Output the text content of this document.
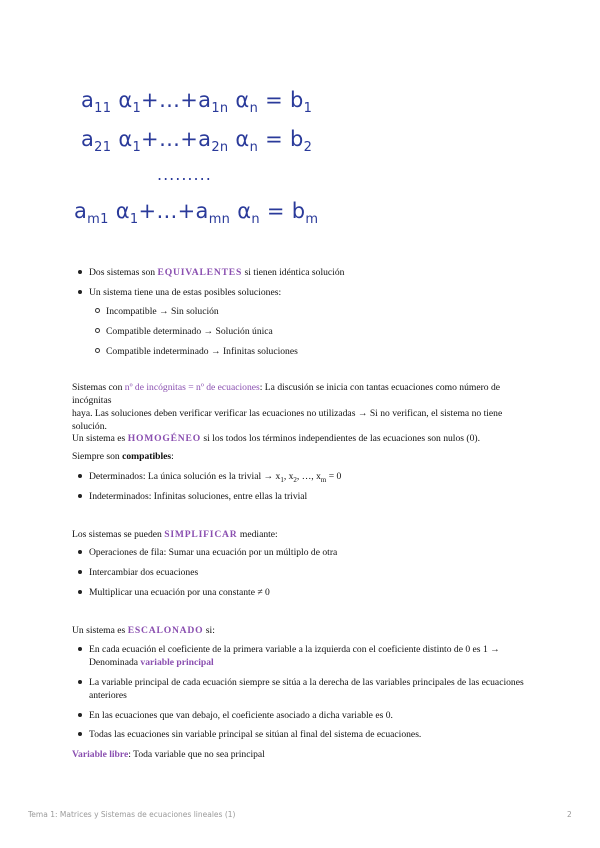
$a_{11}$ $\alpha_1+\dots+a_{1n}$ $\alpha_n = b_1$
$a_{21}$ $\alpha_1+\dots+a_{2n}$ $\alpha_n = b_2$
.........
$a_{m1}$ $\alpha_1+\dots+a_{mn}$ $\alpha_n = b_m$
Dos sistemas son EQUIVALENTES si tienen idéntica solución
Un sistema tiene una de estas posibles soluciones:
Incompatible → Sin solución
Compatible determinado → Solución única
Compatible indeterminado → Infinitas soluciones
Sistemas con nº de incógnitas = nº de ecuaciones: La discusión se inicia con tantas ecuaciones como número de incógnitas
haya. Las soluciones deben verificar verificar las ecuaciones no utilizadas → Si no verifican, el sistema no tiene solución.
Un sistema es HOMOGÉNEO si los todos los términos independientes de las ecuaciones son nulos (0).
Siempre son compatibles:
Determinados: La única solución es la trivial → $x_1$, $x_2$, …, $x_m = 0$
Indeterminados: Infinitas soluciones, entre ellas la trivial
Los sistemas se pueden SIMPLIFICAR mediante:
Operaciones de fila: Sumar una ecuación por un múltiplo de otra
Intercambiar dos ecuaciones
Multiplicar una ecuación por una constante ≠ 0
Un sistema es ESCALONADO si:
En cada ecuación el coeficiente de la primera variable a la izquierda con el coeficiente distinto de 0 es 1 →
Denominada variable principal
La variable principal de cada ecuación siempre se sitúa a la derecha de las variables principales de las ecuaciones
anteriores
En las ecuaciones que van debajo, el coeficiente asociado a dicha variable es 0.
Todas las ecuaciones sin variable principal se sitúan al final del sistema de ecuaciones.
Variable libre: Toda variable que no sea principal
Tema 1: Matrices y Sistemas de ecuaciones lineales (1)	2
